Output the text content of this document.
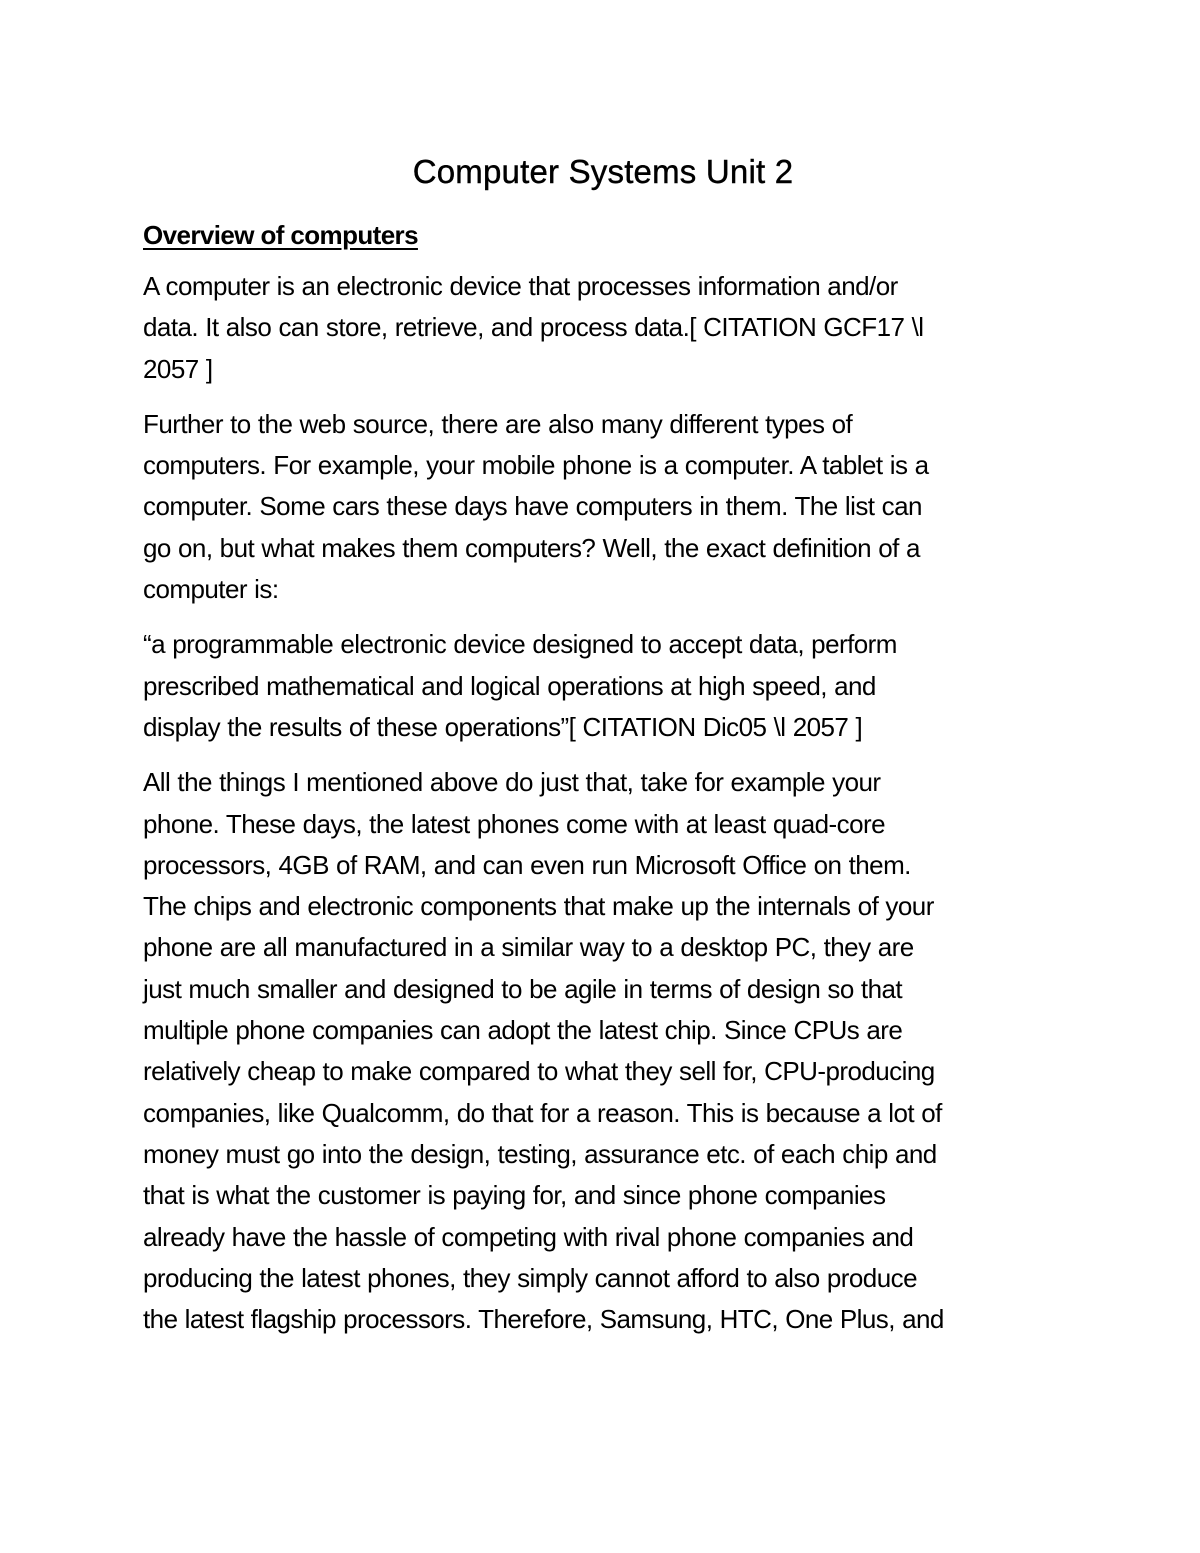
Computer Systems Unit 2
Overview of computers

A computer is an electronic device that processes information and/or
data. It also can store, retrieve, and process data.[ CITATION GCF17 \l
2057 ]

Further to the web source, there are also many different types of
computers. For example, your mobile phone is a computer. A tablet is a
computer. Some cars these days have computers in them. The list can
go on, but what makes them computers? Well, the exact definition of a
computer is:

“a programmable electronic device designed to accept data, perform
prescribed mathematical and logical operations at high speed, and
display the results of these operations”[ CITATION Dic05 \l 2057 ]

All the things I mentioned above do just that, take for example your
phone. These days, the latest phones come with at least quad-core
processors, 4GB of RAM, and can even run Microsoft Office on them.
The chips and electronic components that make up the internals of your
phone are all manufactured in a similar way to a desktop PC, they are
just much smaller and designed to be agile in terms of design so that
multiple phone companies can adopt the latest chip. Since CPUs are
relatively cheap to make compared to what they sell for, CPU-producing
companies, like Qualcomm, do that for a reason. This is because a lot of
money must go into the design, testing, assurance etc. of each chip and
that is what the customer is paying for, and since phone companies
already have the hassle of competing with rival phone companies and
producing the latest phones, they simply cannot afford to also produce
the latest flagship processors. Therefore, Samsung, HTC, One Plus, and
